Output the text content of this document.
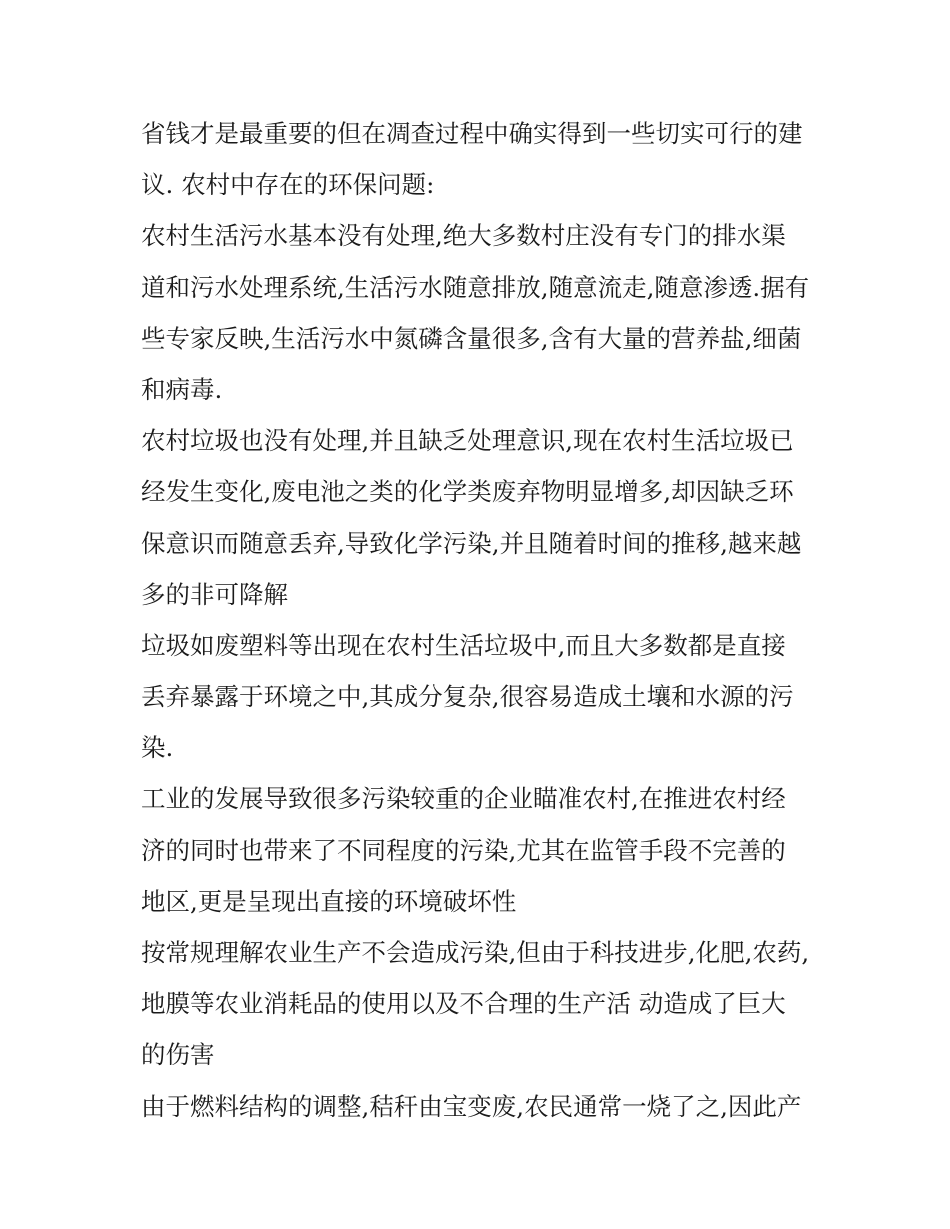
省钱才是最重要的但在凋查过程中确实得到一些切实可行的建
议. 农村中存在的环保问题:
农村生活污水基本没有处理,绝大多数村庄没有专门的排水渠
道和污水处理系统,生活污水随意排放,随意流走,随意渗透.据有
些专家反映,生活污水中氮磷含量很多,含有大量的营养盐,细菌
和病毒.
农村垃圾也没有处理,并且缺乏处理意识,现在农村生活垃圾已
经发生变化,废电池之类的化学类废弃物明显增多,却因缺乏环
保意识而随意丢弃,导致化学污染,并且随着时间的推移,越来越
多的非可降解
垃圾如废塑料等出现在农村生活垃圾中,而且大多数都是直接
丢弃暴露于环境之中,其成分复杂,很容易造成土壤和水源的污
染.
工业的发展导致很多污染较重的企业瞄准农村,在推进农村经
济的同时也带来了不同程度的污染,尤其在监管手段不完善的
地区,更是呈现出直接的环境破坏性
按常规理解农业生产不会造成污染,但由于科技进步,化肥,农药,
地膜等农业消耗品的使用以及不合理的生产活 动造成了巨大
的伤害
由于燃料结构的调整,秸秆由宝变废,农民通常一烧了之,因此产
